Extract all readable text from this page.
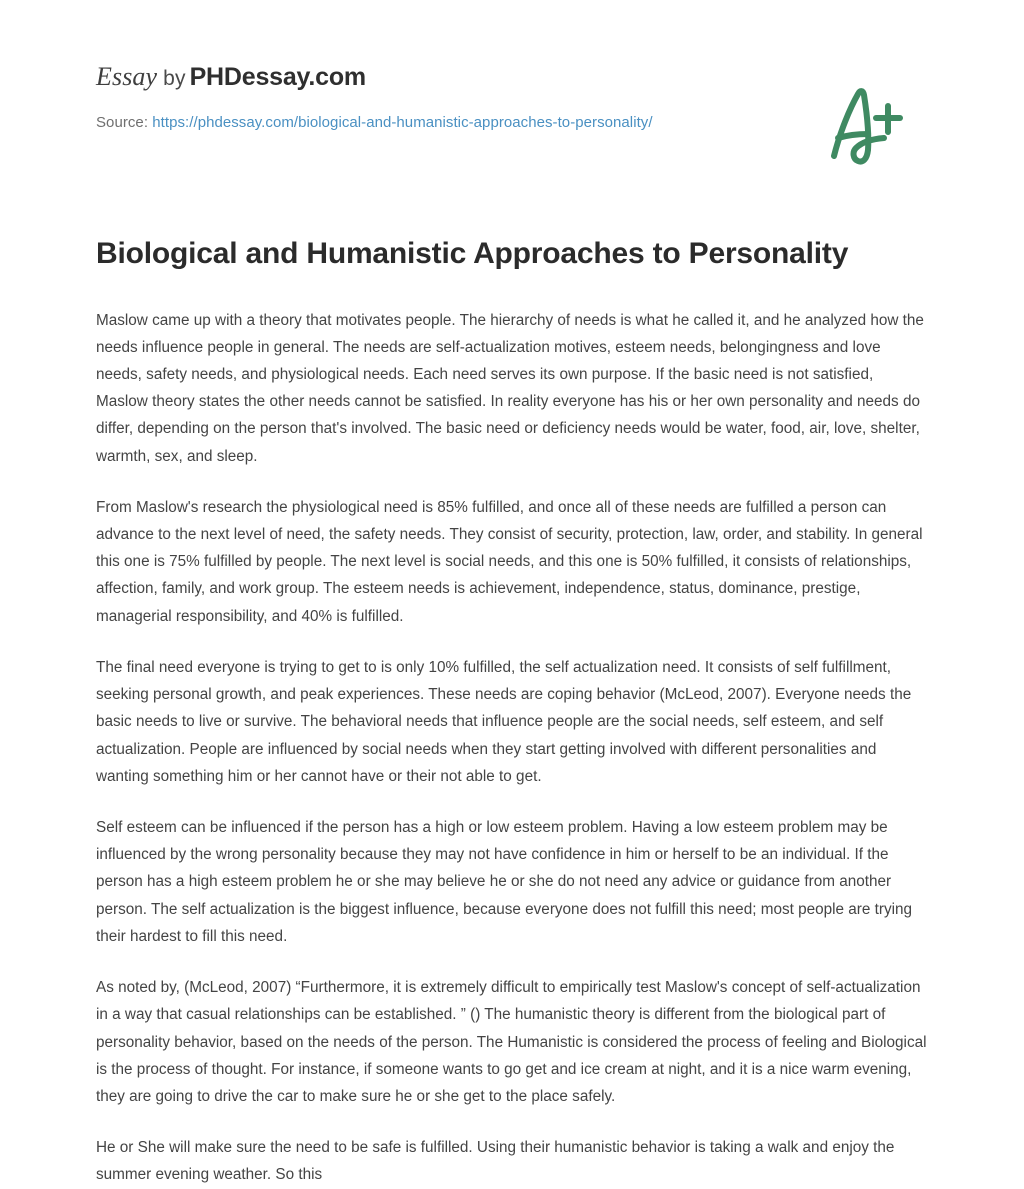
Essay by PHDessay.com
Source: https://phdessay.com/biological-and-humanistic-approaches-to-personality/
Biological and Humanistic Approaches to Personality

Maslow came up with a theory that motivates people. The hierarchy of needs is what he called it, and he analyzed how the needs influence people in general. The needs are self-actualization motives, esteem needs, belongingness and love needs, safety needs, and physiological needs. Each need serves its own purpose. If the basic need is not satisfied, Maslow theory states the other needs cannot be satisfied. In reality everyone has his or her own personality and needs do differ, depending on the person that's involved. The basic need or deficiency needs would be water, food, air, love, shelter, warmth, sex, and sleep.

From Maslow's research the physiological need is 85% fulfilled, and once all of these needs are fulfilled a person can advance to the next level of need, the safety needs. They consist of security, protection, law, order, and stability. In general this one is 75% fulfilled by people. The next level is social needs, and this one is 50% fulfilled, it consists of relationships, affection, family, and work group. The esteem needs is achievement, independence, status, dominance, prestige, managerial responsibility, and 40% is fulfilled.

The final need everyone is trying to get to is only 10% fulfilled, the self actualization need. It consists of self fulfillment, seeking personal growth, and peak experiences. These needs are coping behavior (McLeod, 2007). Everyone needs the basic needs to live or survive. The behavioral needs that influence people are the social needs, self esteem, and self actualization. People are influenced by social needs when they start getting involved with different personalities and wanting something him or her cannot have or their not able to get.

Self esteem can be influenced if the person has a high or low esteem problem. Having a low esteem problem may be influenced by the wrong personality because they may not have confidence in him or herself to be an individual. If the person has a high esteem problem he or she may believe he or she do not need any advice or guidance from another person. The self actualization is the biggest influence, because everyone does not fulfill this need; most people are trying their hardest to fill this need.

As noted by, (McLeod, 2007) “Furthermore, it is extremely difficult to empirically test Maslow's concept of self-actualization in a way that casual relationships can be established. ” () The humanistic theory is different from the biological part of personality behavior, based on the needs of the person. The Humanistic is considered the process of feeling and Biological is the process of thought. For instance, if someone wants to go get and ice cream at night, and it is a nice warm evening, they are going to drive the car to make sure he or she get to the place safely.

He or She will make sure the need to be safe is fulfilled. Using their humanistic behavior is taking a walk and enjoy the summer evening weather. So this
